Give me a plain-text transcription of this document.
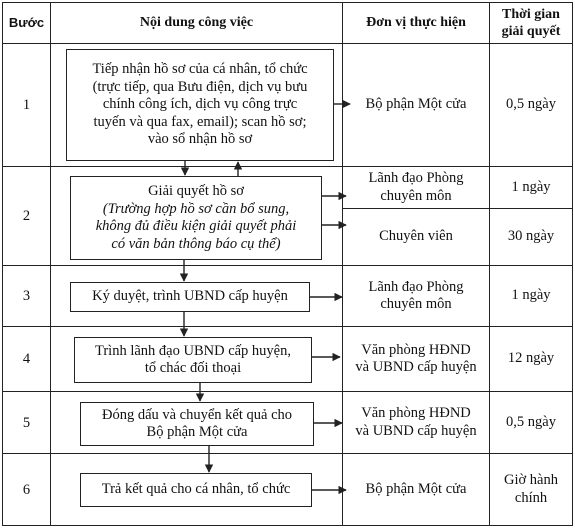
Bước	Nội dung công việc	Đơn vị thực hiện
Thời gian
giải quyết
1
2
3
4
5
6
Tiếp nhận hồ sơ của cá nhân, tổ chức
(trực tiếp, qua Bưu điện, dịch vụ bưu
chính công ích, dịch vụ công trực
tuyến và qua fax, email); scan hồ sơ;
vào sổ nhận hồ sơ
Giải quyết hồ sơ
(Trường hợp hồ sơ cần bổ sung,
không đủ điều kiện giải quyết phải
có văn bản thông báo cụ thể)
Ký duyệt, trình UBND cấp huyện
Trình lãnh đạo UBND cấp huyện,
tổ chác đối thoại
Đóng dấu và chuyển kết quả cho
Bộ phận Một cửa
Trả kết quả cho cá nhân, tổ chức
Bộ phận Một cửa
Lãnh đạo Phòng
chuyên môn
Chuyên viên
Lãnh đạo Phòng
chuyên môn
Văn phòng HĐND
và UBND cấp huyện
Văn phòng HĐND
và UBND cấp huyện
Bộ phận Một cửa
0,5 ngày
1 ngày
30 ngày
1 ngày
12 ngày
0,5 ngày
Giờ hành chính
